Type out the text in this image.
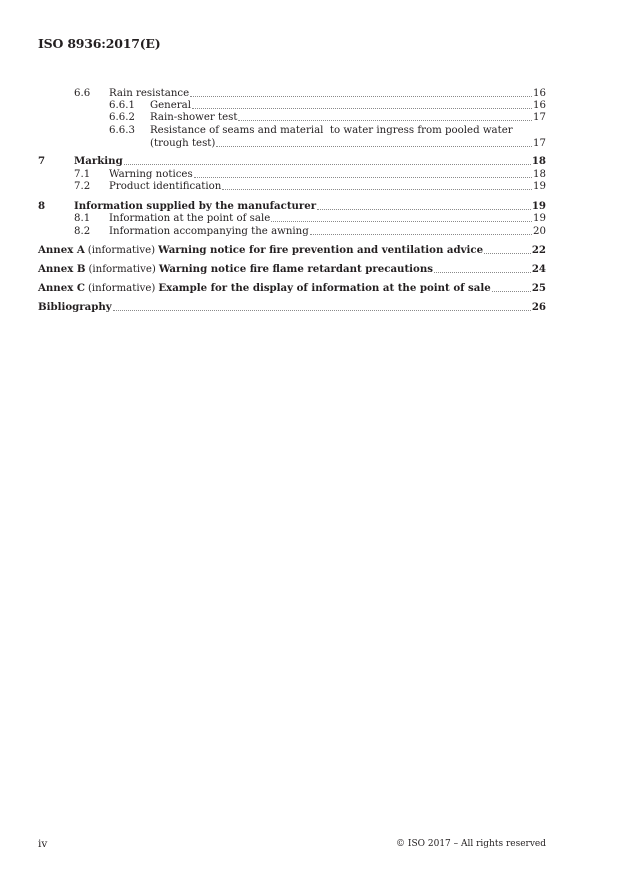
ISO 8936:2017(E)
6.6	Rain resistance	16
6.6.1	General	16
6.6.2	Rain-shower test	17
6.6.3	Resistance of seams and material  to water ingress from pooled water
(trough test)	17
7	Marking	18
7.1	Warning notices	18
7.2	Product identification	19
8	Information supplied by the manufacturer	19
8.1	Information at the point of sale	19
8.2	Information accompanying the awning	20
Annex A (informative) Warning notice for fire prevention and ventilation advice	22
Annex B (informative) Warning notice fire flame retardant precautions	24
Annex C (informative) Example for the display of information at the point of sale	25
Bibliography	26
iv	© ISO 2017 – All rights reserved
